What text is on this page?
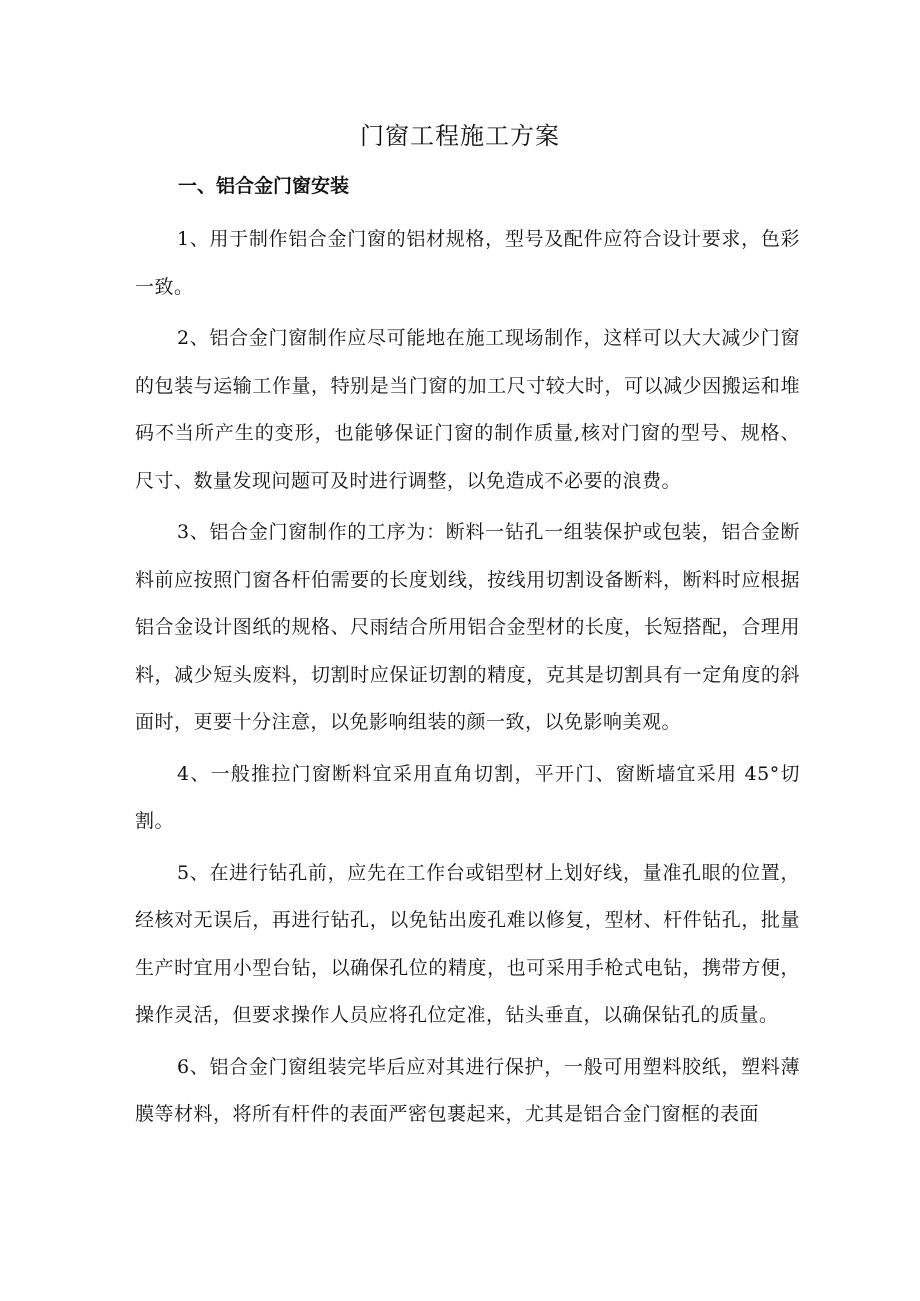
门窗工程施工方案
一、铝合金门窗安装

1、用于制作铝合金门窗的铝材规格，型号及配件应符合设计要求，色彩一致。

2、铝合金门窗制作应尽可能地在施工现场制作，这样可以大大减少门窗的包装与运输工作量，特别是当门窗的加工尺寸较大时，可以减少因搬运和堆码不当所产生的变形，也能够保证门窗的制作质量,核对门窗的型号、规格、尺寸、数量发现问题可及时进行调整，以免造成不必要的浪费。

3、铝合金门窗制作的工序为：断料一钻孔一组装保护或包装，铝合金断料前应按照门窗各杆伯需要的长度划线，按线用切割设备断料，断料时应根据铝合金设计图纸的规格、尺雨结合所用铝合金型材的长度，长短搭配，合理用料，减少短头废料，切割时应保证切割的精度，克其是切割具有一定角度的斜面时，更要十分注意，以免影响组装的颜一致，以免影响美观。

4、一般推拉门窗断料宜采用直角切割，平开门、窗断墙宜采用 45°切割。

5、在进行钻孔前，应先在工作台或铝型材上划好线，量准孔眼的位置，经核对无误后，再进行钻孔，以免钻出废孔难以修复，型材、杆件钻孔，批量生产时宜用小型台钻，以确保孔位的精度，也可采用手枪式电钻，携带方便，操作灵活，但要求操作人员应将孔位定准，钻头垂直，以确保钻孔的质量。

6、铝合金门窗组装完毕后应对其进行保护，一般可用塑料胶纸，塑料薄膜等材料，将所有杆件的表面严密包裹起来，尤其是铝合金门窗框的表面
